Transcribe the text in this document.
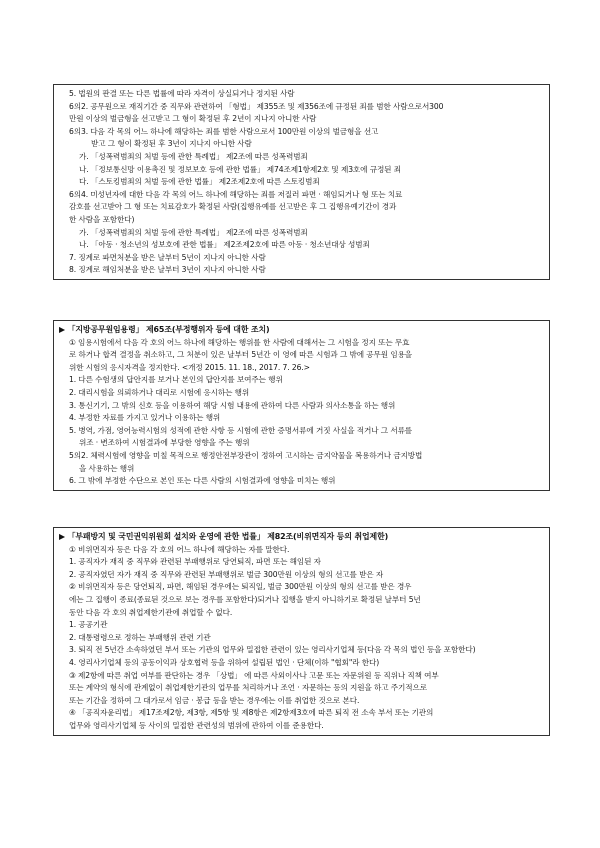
5. 법원의 판결 또는 다른 법률에 따라 자격이 상실되거나 정지된 사람
6의2. 공무원으로 재직기간 중 직무와 관련하여 「형법」 제355조 및 제356조에 규정된 죄를 범한 사람으로서300
만원 이상의 벌금형을 선고받고 그 형이 확정된 후 2년이 지나지 아니한 사람
6의3. 다음 각 목의 어느 하나에 해당하는 죄를 범한 사람으로서 100만원 이상의 벌금형을 선고
받고 그 형이 확정된 후 3년이 지나지 아니한 사람
가. 「성폭력범죄의 처벌 등에 관한 특례법」 제2조에 따른 성폭력범죄
나. 「정보통신망 이용촉진 및 정보보호 등에 관한 법률」 제74조제1항제2호 및 제3호에 규정된 죄
다. 「스토킹범죄의 처벌 등에 관한 법률」 제2조제2호에 따른 스토킹범죄
6의4. 미성년자에 대한 다음 각 목의 어느 하나에 해당하는 죄를 저질러 파면 · 해임되거나 형 또는 치료
감호를 선고받아 그 형 또는 치료감호가 확정된 사람(집행유예를 선고받은 후 그 집행유예기간이 경과
한 사람을 포함한다)
가. 「성폭력범죄의 처벌 등에 관한 특례법」 제2조에 따른 성폭력범죄
나. 「아동 · 청소년의 성보호에 관한 법률」 제2조제2호에 따른 아동 · 청소년대상 성범죄
7. 징계로 파면처분을 받은 날부터 5년이 지나지 아니한 사람
8. 징계로 해임처분을 받은 날부터 3년이 지나지 아니한 사람
▶ 「지방공무원임용령」 제65조(부정행위자 등에 대한 조치)
① 임용시험에서 다음 각 호의 어느 하나에 해당하는 행위를 한 사람에 대해서는 그 시험을 정지 또는 무효
로 하거나 합격 결정을 취소하고, 그 처분이 있은 날부터 5년간 이 영에 따른 시험과 그 밖에 공무원 임용을
위한 시험의 응시자격을 정지한다. <개정 2015. 11. 18., 2017. 7. 26.>
1. 다른 수험생의 답안지를 보거나 본인의 답안지를 보여주는 행위
2. 대리시험을 의뢰하거나 대리로 시험에 응시하는 행위
3. 통신기기, 그 밖의 신호 등을 이용하여 해당 시험 내용에 관하여 다른 사람과 의사소통을 하는 행위
4. 부정한 자료를 가지고 있거나 이용하는 행위
5. 병역, 가점, 영어능력시험의 성적에 관한 사항 등 시험에 관한 증명서류에 거짓 사실을 적거나 그 서류를
위조 · 변조하여 시험결과에 부당한 영향을 주는 행위
5의2. 체력시험에 영향을 미칠 목적으로 행정안전부장관이 정하여 고시하는 금지약물을 복용하거나 금지방법
을 사용하는 행위
6. 그 밖에 부정한 수단으로 본인 또는 다른 사람의 시험결과에 영향을 미치는 행위
▶ 「부패방지 및 국민권익위원회 설치와 운영에 관한 법률」 제82조(비위면직자 등의 취업제한)
① 비위면직자 등은 다음 각 호의 어느 하나에 해당하는 자를 말한다.
1. 공직자가 재직 중 직무와 관련된 부패행위로 당연퇴직, 파면 또는 해임된 자
2. 공직자였던 자가 재직 중 직무와 관련된 부패행위로 벌금 300만원 이상의 형의 선고를 받은 자
② 비위면직자 등은 당연퇴직, 파면, 해임된 경우에는 퇴직일, 벌금 300만원 이상의 형의 선고를 받은 경우
에는 그 집행이 종료(종료된 것으로 보는 경우를 포함한다)되거나 집행을 받지 아니하기로 확정된 날부터 5년
동안 다음 각 호의 취업제한기관에 취업할 수 없다.
1. 공공기관
2. 대통령령으로 정하는 부패행위 관련 기관
3. 퇴직 전 5년간 소속하였던 부서 또는 기관의 업무와 밀접한 관련이 있는 영리사기업체 등(다음 각 목의 법인 등을 포함한다)
4. 영리사기업체 등의 공동이익과 상호협력 등을 위하여 설립된 법인 · 단체(이하 "협회"라 한다)
③ 제2항에 따른 취업 여부를 판단하는 경우 「상법」 에 따른 사외이사나 고문 또는 자문위원 등 직위나 직책 여부
또는 계약의 형식에 관계없이 취업제한기관의 업무를 처리하거나 조언 · 자문하는 등의 지원을 하고 주기적으로
또는 기간을 정하여 그 대가로서 임금 · 봉급 등을 받는 경우에는 이를 취업한 것으로 본다.
④ 「공직자윤리법」 제17조제2항, 제3항, 제5항 및 제8항은 제2항제3호에 따른 퇴직 전 소속 부서 또는 기관의
업무와 영리사기업체 등 사이의 밀접한 관련성의 범위에 관하여 이를 준용한다.
